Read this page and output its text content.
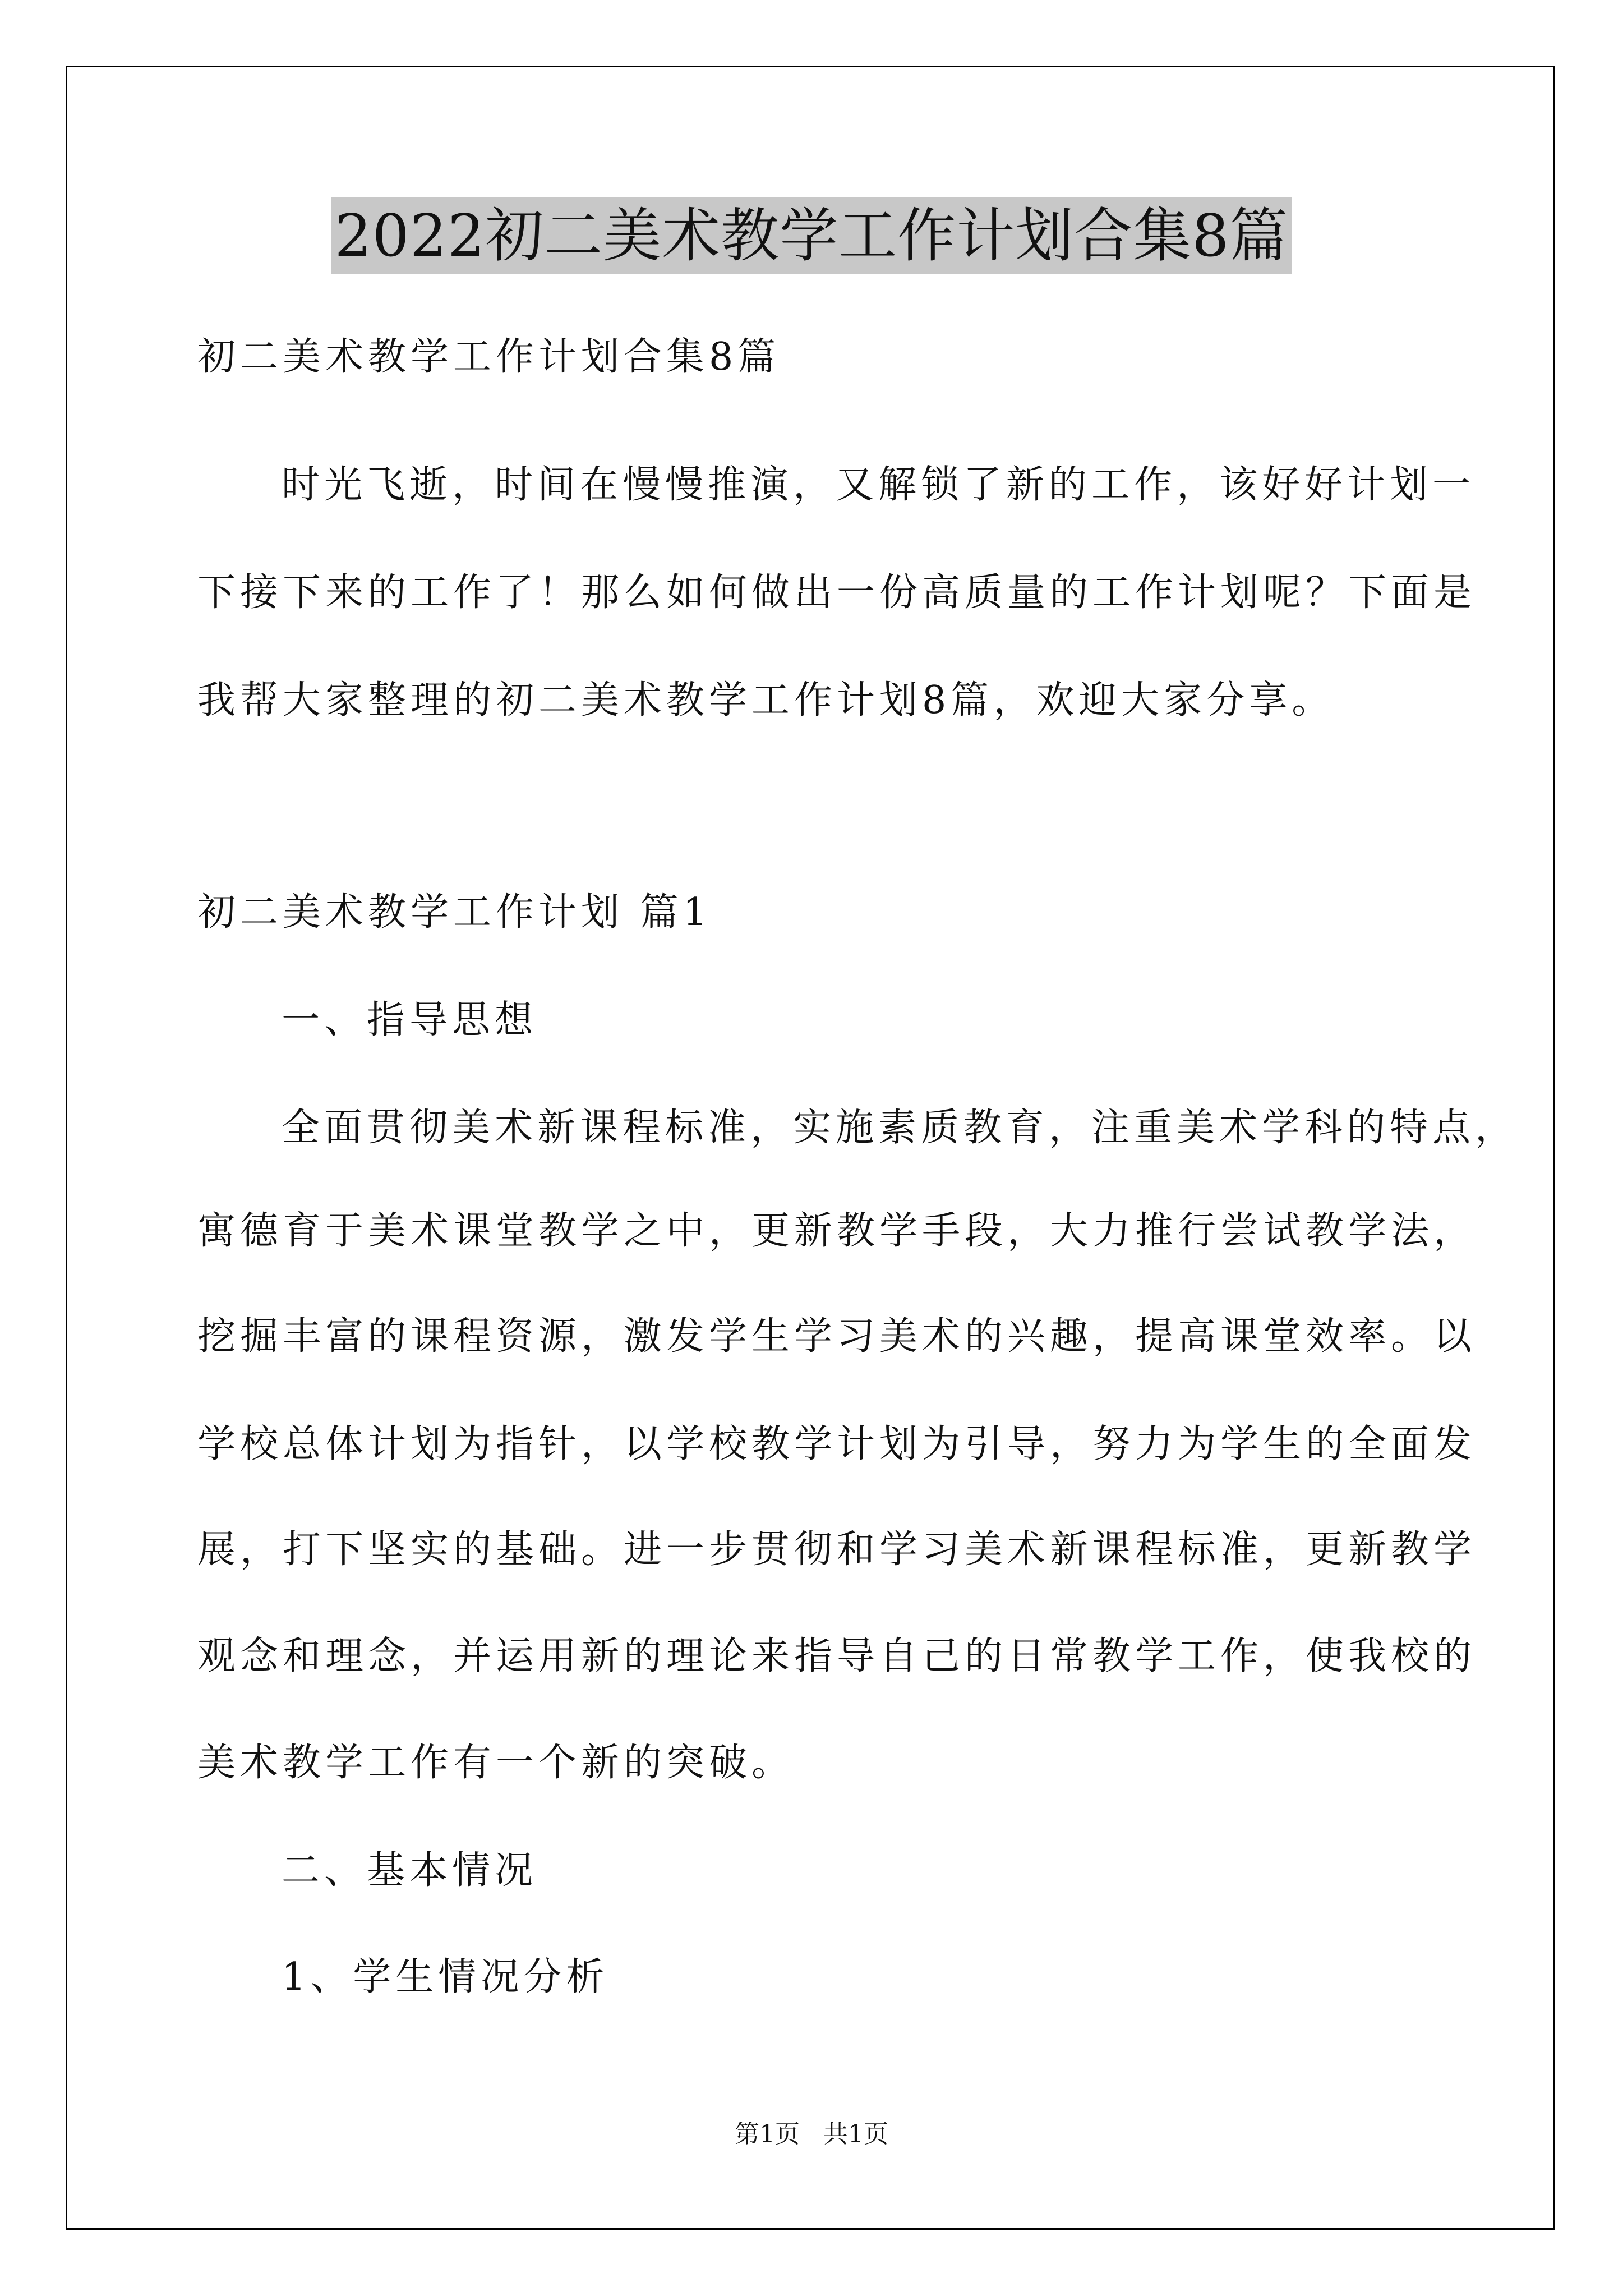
2022初二美术教学工作计划合集8篇
初二美术教学工作计划合集8篇
时光飞逝，时间在慢慢推演，又解锁了新的工作，该好好计划一
下接下来的工作了！那么如何做出一份高质量的工作计划呢？下面是
我帮大家整理的初二美术教学工作计划8篇，欢迎大家分享。
初二美术教学工作计划 篇1
一、指导思想
全面贯彻美术新课程标准，实施素质教育，注重美术学科的特点，
寓德育于美术课堂教学之中，更新教学手段，大力推行尝试教学法，
挖掘丰富的课程资源，激发学生学习美术的兴趣，提高课堂效率。以
学校总体计划为指针，以学校教学计划为引导，努力为学生的全面发
展，打下坚实的基础。进一步贯彻和学习美术新课程标准，更新教学
观念和理念，并运用新的理论来指导自己的日常教学工作，使我校的
美术教学工作有一个新的突破。
二、基本情况
1、学生情况分析
第1页   共1页
